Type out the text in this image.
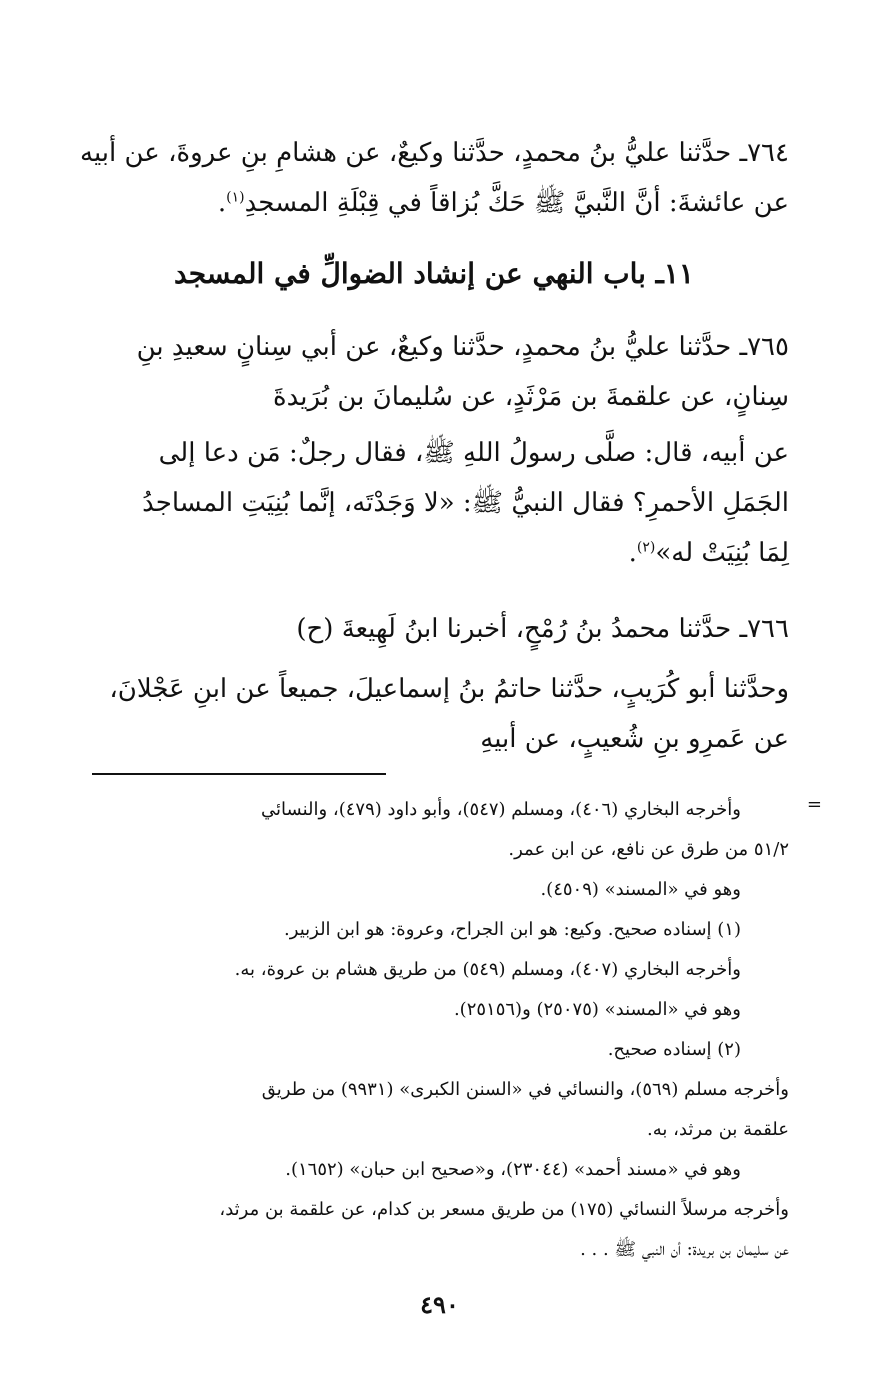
٧٦٤ـ حدَّثنا عليُّ بنُ محمدٍ، حدَّثنا وكيعٌ، عن هشامِ بنِ عروةَ، عن أبيه
عن عائشةَ: أنَّ النَّبيَّ ﷺ حَكَّ بُزاقاً في قِبْلَةِ المسجدِ$^{(١)}$.

١١ـ باب النهي عن إنشاد الضوالِّ في المسجد

٧٦٥ـ حدَّثنا عليُّ بنُ محمدٍ، حدَّثنا وكيعٌ، عن أبي سِنانٍ سعيدِ بنِ
سِنانٍ، عن علقمةَ بن مَرْثَدٍ، عن سُليمانَ بن بُرَيدةَ

عن أبيه، قال: صلَّى رسولُ اللهِ ﷺ، فقال رجلٌ: مَن دعا إلى
الجَمَلِ الأحمرِ؟ فقال النبيُّ ﷺ: «لا وَجَدْتَه، إنَّما بُنِيَتِ المساجدُ
لِمَا بُنِيَتْ له»$^{(٢)}$.

٧٦٦ـ حدَّثنا محمدُ بنُ رُمْحٍ، أخبرنا ابنُ لَهِيعةَ (ح)

وحدَّثنا أبو كُرَيبٍ، حدَّثنا حاتمُ بنُ إسماعيلَ، جميعاً عن ابنِ عَجْلانَ،
عن عَمرِو بنِ شُعيبٍ، عن أبيهِ

=
وأخرجه البخاري (٤٠٦)، ومسلم (٥٤٧)، وأبو داود (٤٧٩)، والنسائي
٥١/٢ من طرق عن نافع، عن ابن عمر.
وهو في «المسند» (٤٥٠٩).
(١) إسناده صحيح. وكيع: هو ابن الجراح، وعروة: هو ابن الزبير.
وأخرجه البخاري (٤٠٧)، ومسلم (٥٤٩) من طريق هشام بن عروة، به.
وهو في «المسند» (٢٥٠٧٥) و(٢٥١٥٦).
(٢) إسناده صحيح.
وأخرجه مسلم (٥٦٩)، والنسائي في «السنن الكبرى» (٩٩٣١) من طريق
علقمة بن مرثد، به.
وهو في «مسند أحمد» (٢٣٠٤٤)، و«صحيح ابن حبان» (١٦٥٢).
وأخرجه مرسلاً النسائي (١٧٥) من طريق مسعر بن كدام، عن علقمة بن مرثد،
عن سليمان بن بريدة: أن النبي ﷺ . . .
٤٩٠
